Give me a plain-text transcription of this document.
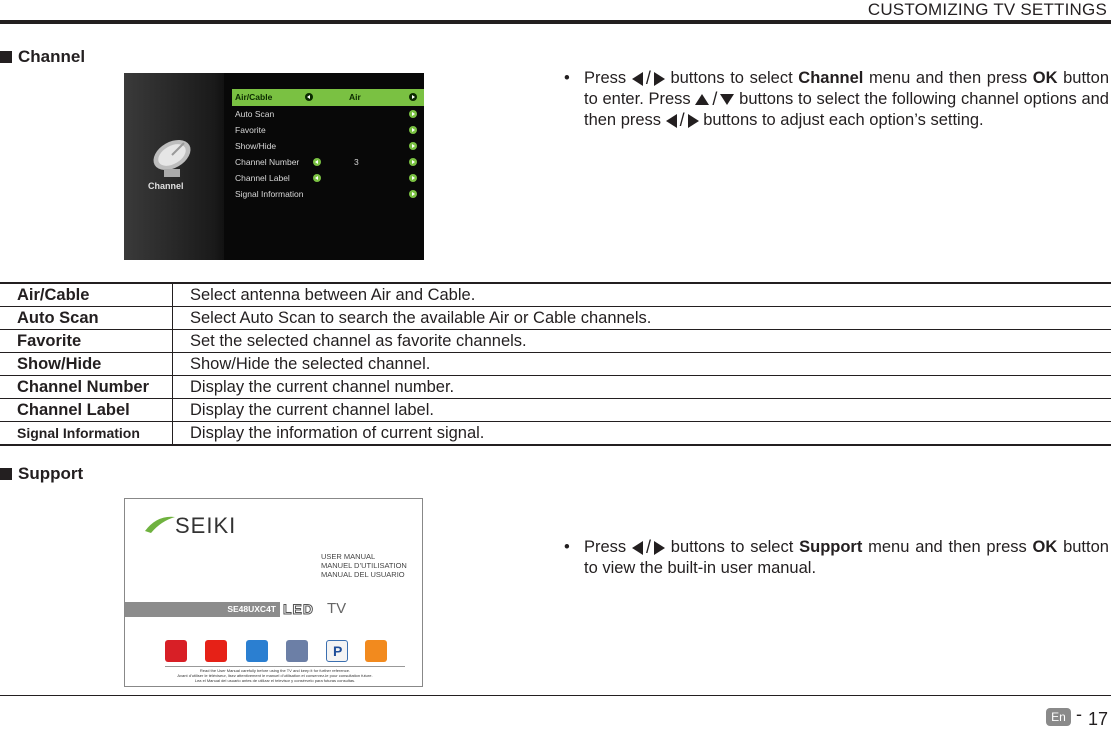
CUSTOMIZING TV SETTINGS
Channel
Channel
Air/Cable	Air
Auto Scan
Favorite
Show/Hide
Channel Number	3
Channel Label
Signal Information
• Press / buttons to select Channel menu and then press OK button to enter. Press / buttons to select the following channel options and then press / buttons to adjust each option’s setting.
Air/Cable	Select antenna between Air and Cable.
Auto Scan	Select Auto Scan to search the available Air or Cable channels.
Favorite	Set the selected channel as favorite channels.
Show/Hide	Show/Hide the selected channel.
Channel Number	Display the current channel number.
Channel Label	Display the current channel label.
Signal Information	Display the information of current signal.
Support
SEIKI
USER MANUAL
MANUEL D’UTILISATION
MANUAL DEL USUARIO
SE48UXC4T LED TV
P
Read the User Manual carefully before using the TV and keep it for further reference.
Avant d’utiliser le téléviseur, lisez attentivement le manuel d’utilisation et conservez-le pour consultation future.
Lea el Manual del usuario antes de utilizar el televisor y consérvelo para futuras consultas.
• Press / buttons to select Support menu and then press OK button to view the built-in user manual.
En - 17
